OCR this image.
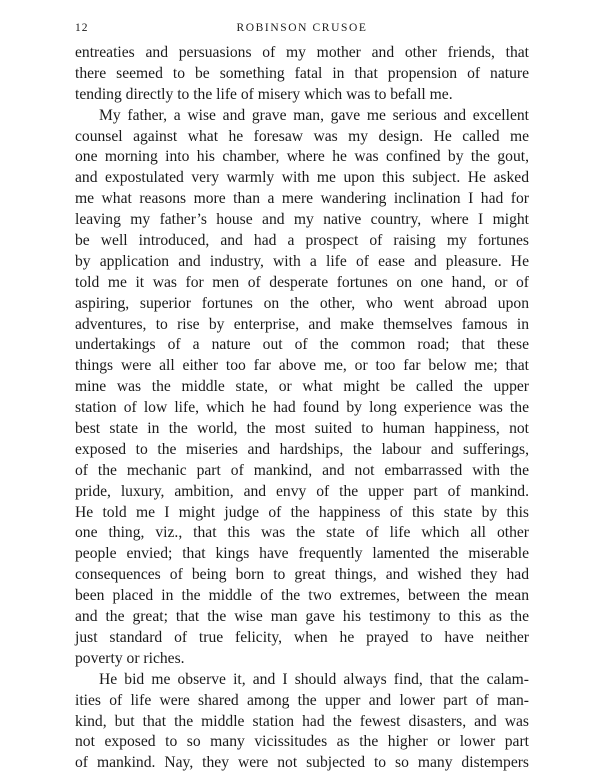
12	ROBINSON CRUSOE
entreaties and persuasions of my mother and other friends, that
there seemed to be something fatal in that propension of nature
tending directly to the life of misery which was to befall me.
My father, a wise and grave man, gave me serious and excellent
counsel against what he foresaw was my design. He called me
one morning into his chamber, where he was confined by the gout,
and expostulated very warmly with me upon this subject. He asked
me what reasons more than a mere wandering inclination I had for
leaving my father’s house and my native country, where I might
be well introduced, and had a prospect of raising my fortunes
by application and industry, with a life of ease and pleasure. He
told me it was for men of desperate fortunes on one hand, or of
aspiring, superior fortunes on the other, who went abroad upon
adventures, to rise by enterprise, and make themselves famous in
undertakings of a nature out of the common road; that these
things were all either too far above me, or too far below me; that
mine was the middle state, or what might be called the upper
station of low life, which he had found by long experience was the
best state in the world, the most suited to human happiness, not
exposed to the miseries and hardships, the labour and sufferings,
of the mechanic part of mankind, and not embarrassed with the
pride, luxury, ambition, and envy of the upper part of mankind.
He told me I might judge of the happiness of this state by this
one thing, viz., that this was the state of life which all other
people envied; that kings have frequently lamented the miserable
consequences of being born to great things, and wished they had
been placed in the middle of the two extremes, between the mean
and the great; that the wise man gave his testimony to this as the
just standard of true felicity, when he prayed to have neither
poverty or riches.
He bid me observe it, and I should always find, that the calam-
ities of life were shared among the upper and lower part of man-
kind, but that the middle station had the fewest disasters, and was
not exposed to so many vicissitudes as the higher or lower part
of mankind. Nay, they were not subjected to so many distempers
